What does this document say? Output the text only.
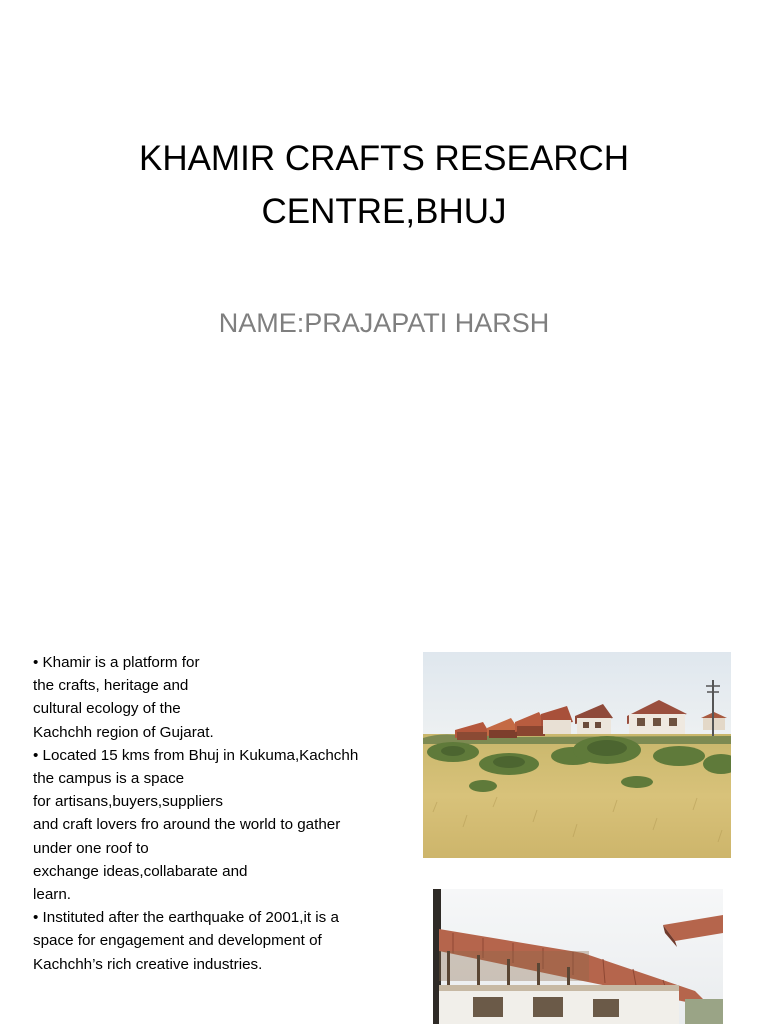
KHAMIR CRAFTS RESEARCH
CENTRE,BHUJ
NAME:PRAJAPATI HARSH
• Khamir is a platform for
the crafts, heritage and
cultural ecology of the
Kachchh region of Gujarat.
• Located 15 kms from Bhuj in Kukuma,Kachchh
the campus is a space
for artisans,buyers,suppliers
and craft lovers fro around the world to gather
under one roof to
exchange ideas,collabarate and
learn.
• Instituted after the earthquake of 2001,it is a
space for engagement and development of
Kachchh’s rich creative industries.
